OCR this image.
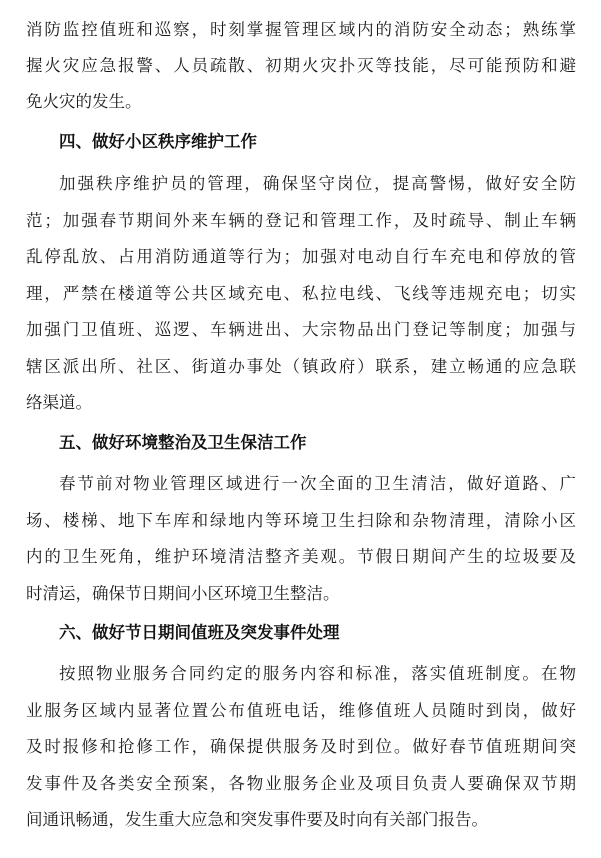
消防监控值班和巡察，时刻掌握管理区域内的消防安全动态；熟练掌
握火灾应急报警、人员疏散、初期火灾扑灭等技能，尽可能预防和避
免火灾的发生。
四、做好小区秩序维护工作
加强秩序维护员的管理，确保坚守岗位，提高警惕，做好安全防
范；加强春节期间外来车辆的登记和管理工作，及时疏导、制止车辆
乱停乱放、占用消防通道等行为；加强对电动自行车充电和停放的管
理，严禁在楼道等公共区域充电、私拉电线、飞线等违规充电；切实
加强门卫值班、巡逻、车辆进出、大宗物品出门登记等制度；加强与
辖区派出所、社区、街道办事处（镇政府）联系，建立畅通的应急联
络渠道。
五、做好环境整治及卫生保洁工作
春节前对物业管理区域进行一次全面的卫生清洁，做好道路、广
场、楼梯、地下车库和绿地内等环境卫生扫除和杂物清理，清除小区
内的卫生死角，维护环境清洁整齐美观。节假日期间产生的垃圾要及
时清运，确保节日期间小区环境卫生整洁。
六、做好节日期间值班及突发事件处理
按照物业服务合同约定的服务内容和标准，落实值班制度。在物
业服务区域内显著位置公布值班电话，维修值班人员随时到岗，做好
及时报修和抢修工作，确保提供服务及时到位。做好春节值班期间突
发事件及各类安全预案，各物业服务企业及项目负责人要确保双节期
间通讯畅通，发生重大应急和突发事件要及时向有关部门报告。
